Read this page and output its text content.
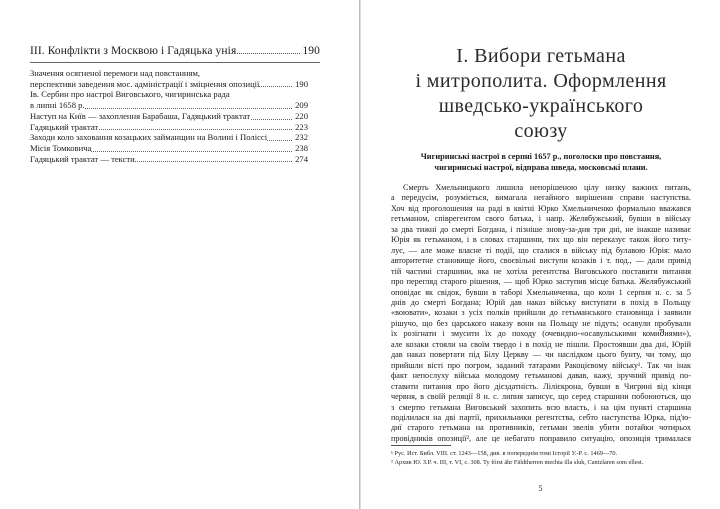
III. Конфлікти з Москвою і Гадяцька унія	190
Значення осягненої перемоги над повстанням,
перспективи заведення мос. адміністрації і зміцнення опозиції	190
Ів. Сербин про настрої Виговського, чигиринська рада
в липні 1658 р.	209
Наступ на Київ — захоплення Барабаша, Гадяцький трактат	220
Гадяцький трактат	223
Заходи коло заховання козацьких займанщин на Волині і Поліссі	232
Місія Томковича	238
Гадяцький трактат — тексти	274
I. Вибори гетьмана
і митрополита. Оформлення
шведсько-українського
союзу
Чигиринські настрої в серпні 1657 р., поголоски про повстання,
чигиринські настрої, відправа шведа, московські плани.
Смерть Хмельницького лишила непорішеною цілу низку важних питань,
а передусім, розуміється, вимагала негайного вирішення справи наступства.
Хоч від проголошення на раді в квітні Юрко Хмельниченко формально вважався
гетьманом, співрегентом свого батька, і напр. Желябужський, бувши в війську
за два тижні до смерті Богдана, і пізніше знову-за-дня три дні, не інакше називає
Юрія як гетьманом, і в словах старшини, тих що він переказує також його титу-
лує, — але може власне ті події, що сталися в війську під булавою Юрія: мало
авторитетне становище його, своєвільні виступи козаків і т. под., — дали привід
тій частині старшини, яка не хотіла регентства Виговського поставити питання
про перегляд старого рішення, — щоб Юрко заступив місце батька. Желябужський
оповідає як свідок, бувши в таборі Хмельниченка, що коли 1 серпня н. с. за 5
днів до смерті Богдана; Юрій дав наказ війську виступати в похід в Польщу
«воювати», козаки з усіх полків прийшли до гетьманського становища і заявили
рішучо, що без царського наказу вони на Польщу не підуть; осавули пробували
їх розігнати і змусити їх до походу (очевидно-«осавульськими комиშиями»),
але козаки стояли на своїм твердо і в похід не пішли. Простоявши два дні, Юрій
дав наказ повертати під Білу Церкву — чи наслідком цього бунту, чи тому, що
прийшли вісті про погром, заданий татарами Ракоцієвому війську¹. Так чи інак
факт непослуху війська молодому гетьманові давав, кажу, зручний привід по-
ставити питання про його дієздатність. Лілієкрона, бувши в Чигрині від кінця
червня, в своїй реляції 8 н. с. липня записує, що серед старшини побоюються, що
з смертю гетьмана Виговський захопить всю власть, і на цім пункті старшина
поділилася на дві партії, прихильники регентства, себто наступства Юрка, під'ю-
диї старого гетьмана на противників, гетьман звелів убити потайки чотирьох
провідників опозиції², але це небагато поправило ситуацію, опозиція трималася
¹ Рус. Ист. Библ. VIII. ст. 1243—158, див. в попереднім томі Історії У.-Р. с. 1469—70.
² Архив Ю. З.Р. ч. III, т. VI, с. 308. Ту fórst ähr Fäldtherren mechta illa sluk, Cantzlaren som ellest.
5
